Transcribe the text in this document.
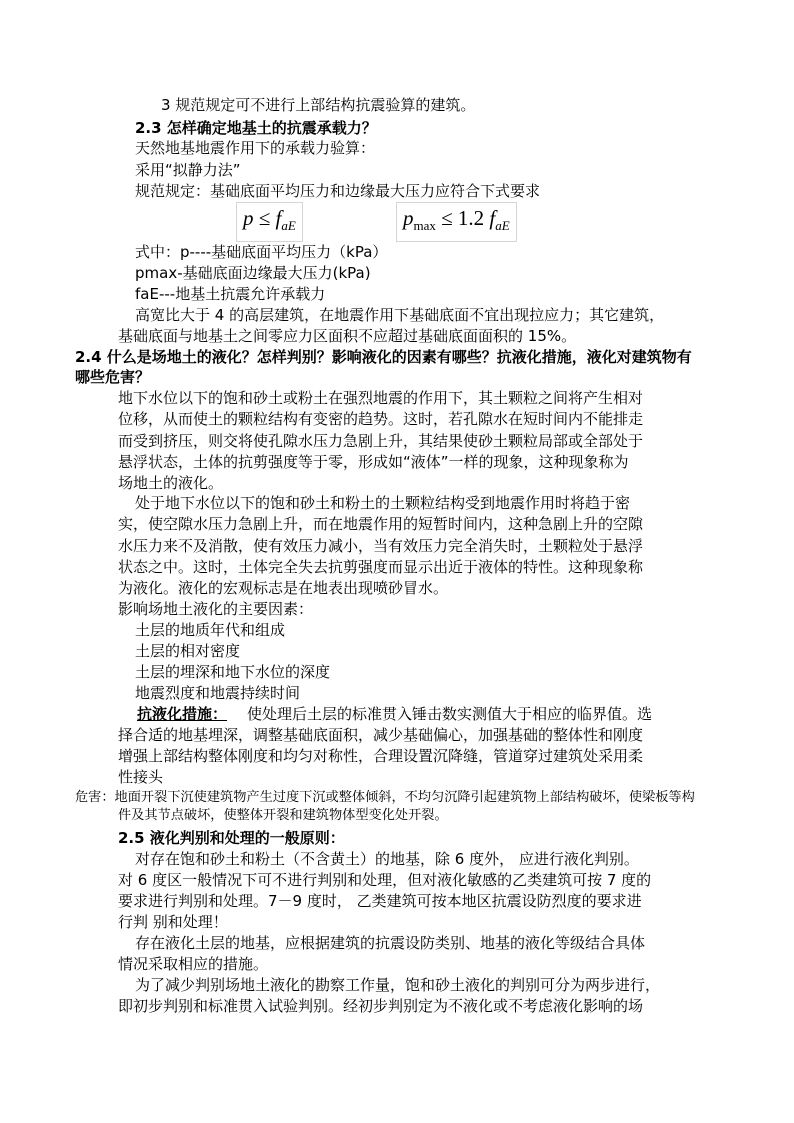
3 规范规定可不进行上部结构抗震验算的建筑。
2.3 怎样确定地基土的抗震承载力？
天然地基地震作用下的承载力验算：
采用“拟静力法”
规范规定：基础底面平均压力和边缘最大压力应符合下式要求
$p \le f_{aE}$	$p_{max} \le 1.2$ $f_{aE}$
式中：p----基础底面平均压力（kPa）
pmax-基础底面边缘最大压力(kPa)
faE---地基土抗震允许承载力
高宽比大于 4 的高层建筑，在地震作用下基础底面不宜出现拉应力；其它建筑，
基础底面与地基土之间零应力区面积不应超过基础底面面积的 15%。
2.4 什么是场地土的液化？怎样判别？影响液化的因素有哪些？抗液化措施，液化对建筑物有
哪些危害？
地下水位以下的饱和砂土或粉土在强烈地震的作用下，其土颗粒之间将产生相对
位移，从而使土的颗粒结构有变密的趋势。这时，若孔隙水在短时间内不能排走
而受到挤压，则交将使孔隙水压力急剧上升，其结果使砂土颗粒局部或全部处于
悬浮状态，土体的抗剪强度等于零，形成如“液体”一样的现象，这种现象称为
场地土的液化。
处于地下水位以下的饱和砂土和粉土的土颗粒结构受到地震作用时将趋于密
实，使空隙水压力急剧上升，而在地震作用的短暂时间内，这种急剧上升的空隙
水压力来不及消散，使有效压力减小，当有效压力完全消失时，土颗粒处于悬浮
状态之中。这时，土体完全失去抗剪强度而显示出近于液体的特性。这种现象称
为液化。液化的宏观标志是在地表出现喷砂冒水。
影响场地土液化的主要因素：
土层的地质年代和组成
土层的相对密度
土层的埋深和地下水位的深度
地震烈度和地震持续时间
抗液化措施： 使处理后土层的标准贯入锤击数实测值大于相应的临界值。选
择合适的地基埋深，调整基础底面积，减少基础偏心，加强基础的整体性和刚度
增强上部结构整体刚度和均匀对称性，合理设置沉降缝，管道穿过建筑处采用柔
性接头
危害：地面开裂下沉使建筑物产生过度下沉或整体倾斜，不均匀沉降引起建筑物上部结构破坏，使梁板等构
件及其节点破坏，使整体开裂和建筑物体型变化处开裂。
2.5 液化判别和处理的一般原则：
对存在饱和砂土和粉土（不含黄土）的地基，除 6 度外， 应进行液化判别。
对 6 度区一般情况下可不进行判别和处理，但对液化敏感的乙类建筑可按 7 度的
要求进行判别和处理。7－9 度时， 乙类建筑可按本地区抗震设防烈度的要求进
行判 别和处理！
存在液化土层的地基，应根据建筑的抗震设防类别、地基的液化等级结合具体
情况采取相应的措施。
为了减少判别场地土液化的勘察工作量，饱和砂土液化的判别可分为两步进行，
即初步判别和标准贯入试验判别。经初步判别定为不液化或不考虑液化影响的场
